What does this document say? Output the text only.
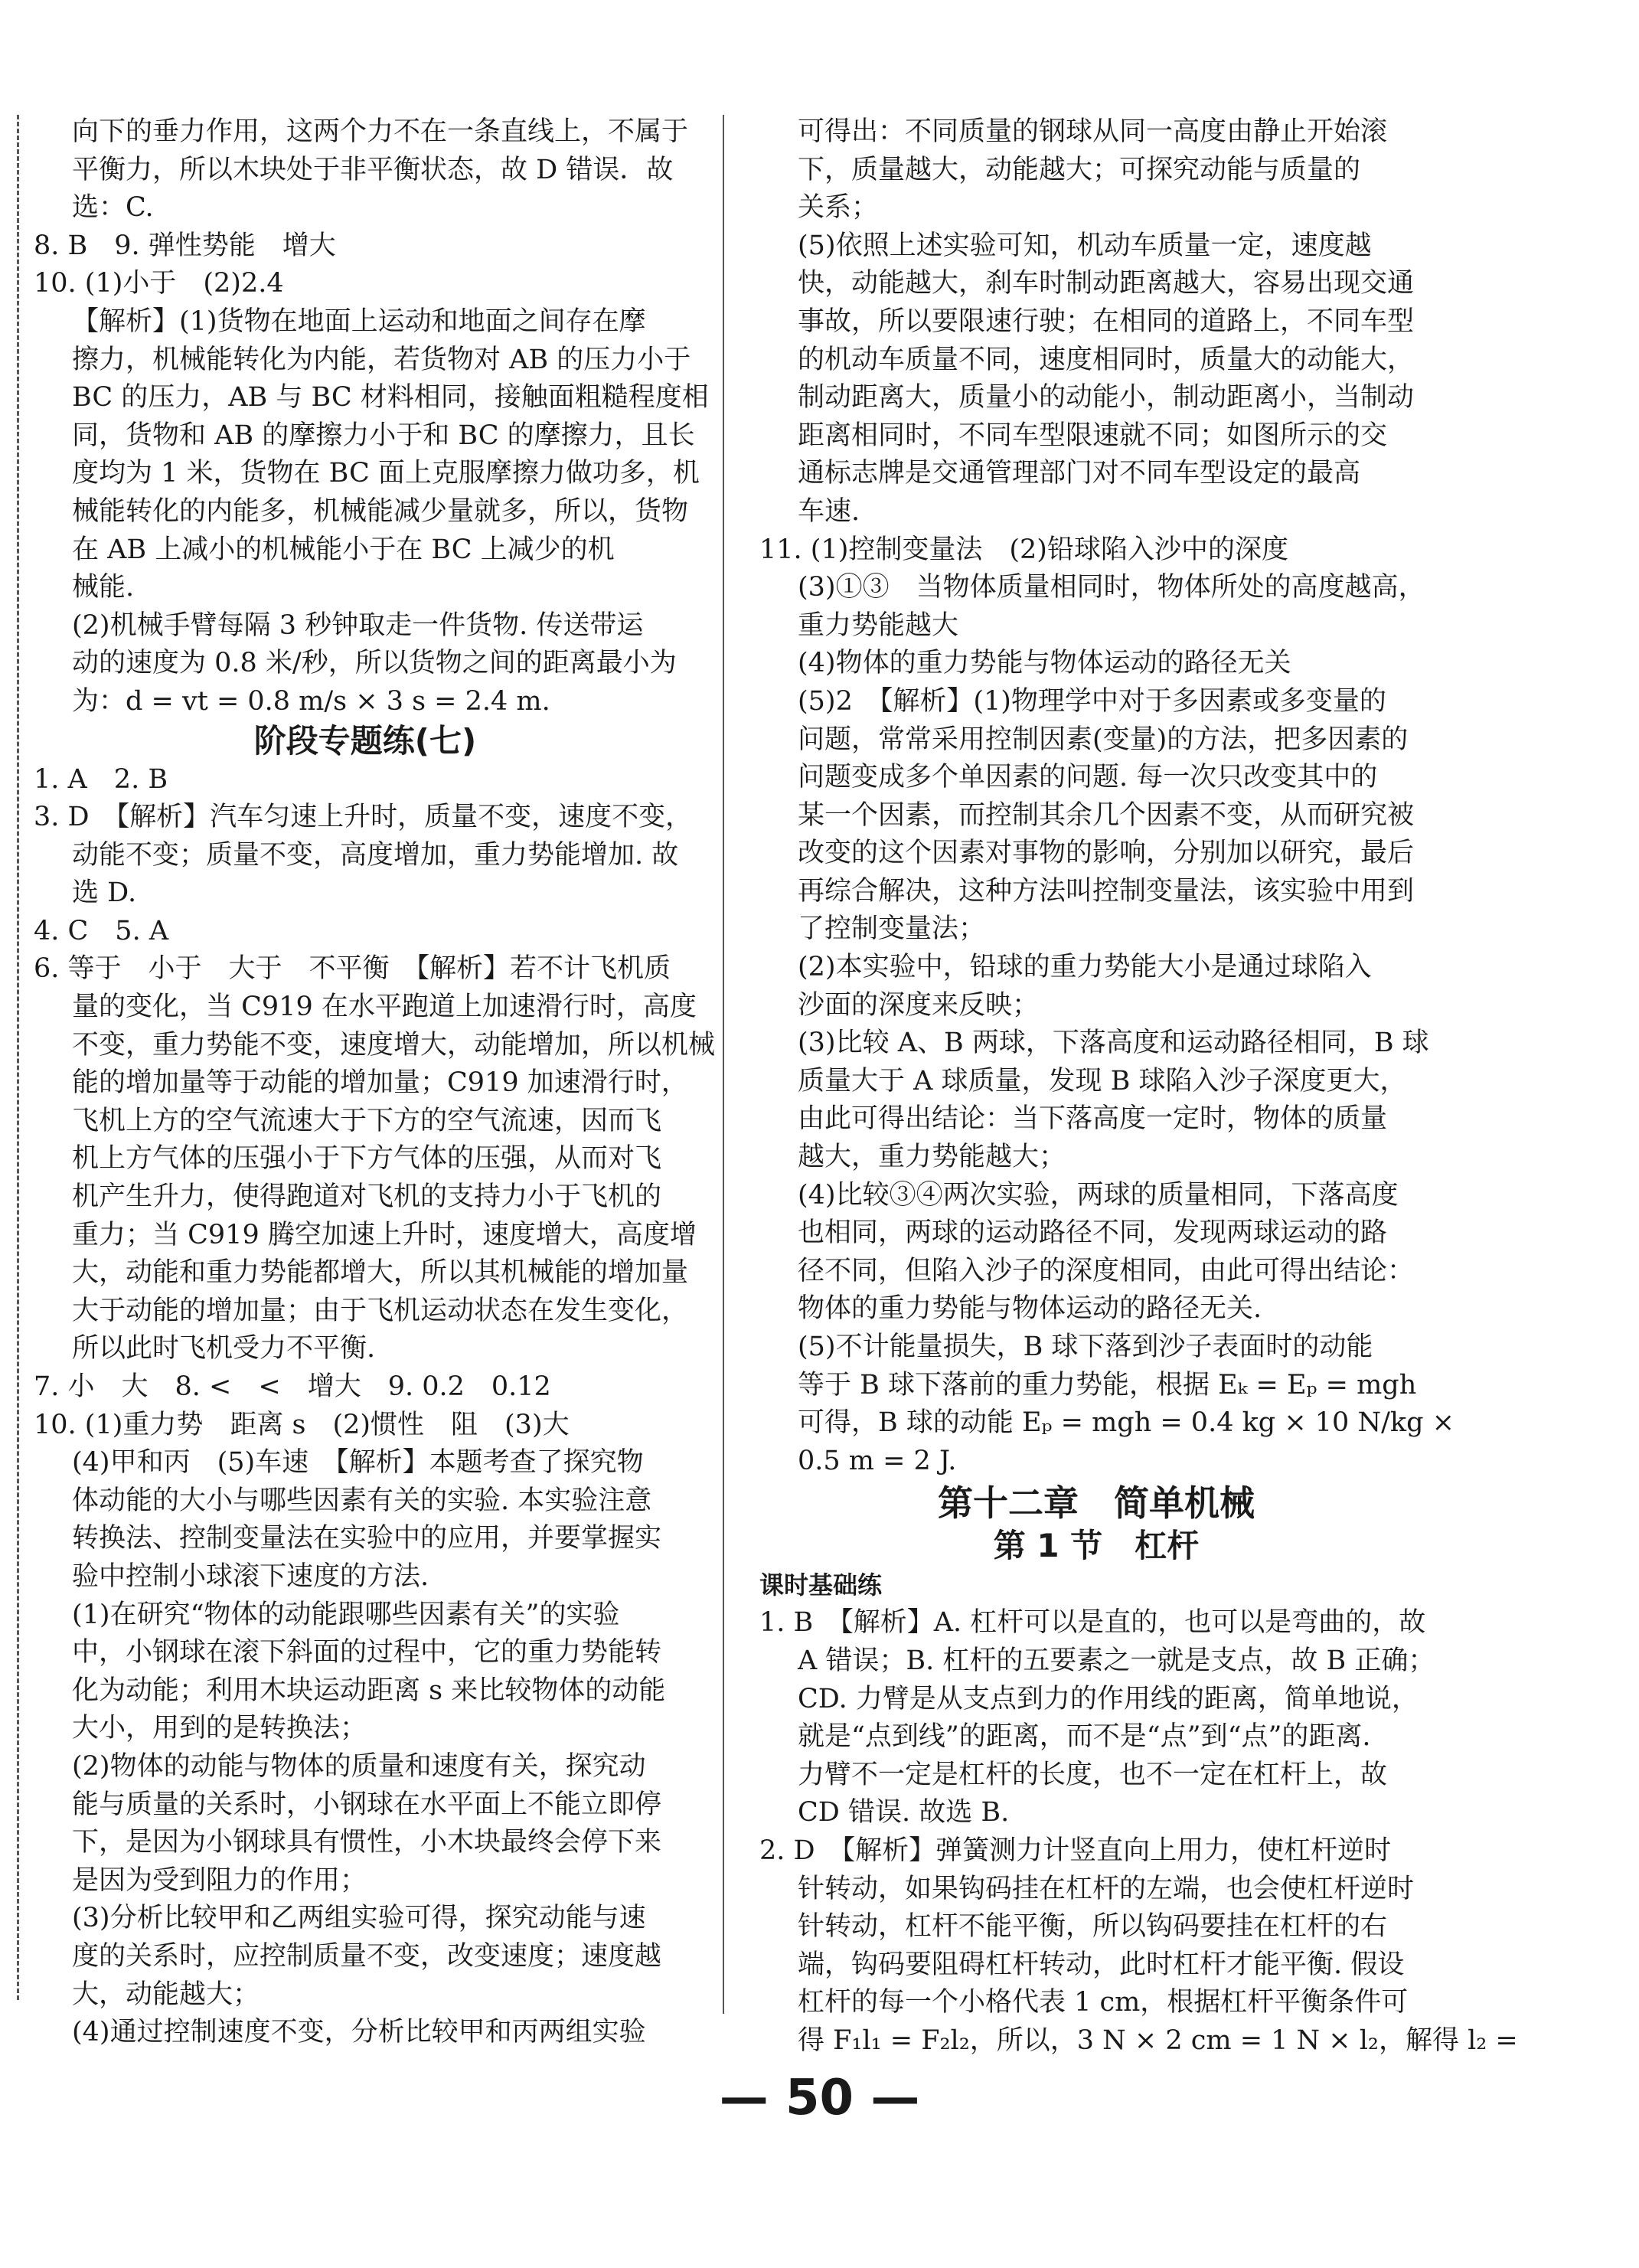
向下的垂力作用，这两个力不在一条直线上，不属于
平衡力，所以木块处于非平衡状态，故 D 错误．故
选：C.
8. B　9. 弹性势能　增大
10. (1)小于　(2)2.4
【解析】(1)货物在地面上运动和地面之间存在摩
擦力，机械能转化为内能，若货物对 AB 的压力小于
BC 的压力，AB 与 BC 材料相同，接触面粗糙程度相
同，货物和 AB 的摩擦力小于和 BC 的摩擦力，且长
度均为 1 米，货物在 BC 面上克服摩擦力做功多，机
械能转化的内能多，机械能减少量就多，所以，货物
在 AB 上减小的机械能小于在 BC 上减少的机
械能.
(2)机械手臂每隔 3 秒钟取走一件货物. 传送带运
动的速度为 0.8 米/秒，所以货物之间的距离最小为
为：d = vt = 0.8 m/s × 3 s = 2.4 m.
阶段专题练(七)
1. A　2. B
3. D　【解析】汽车匀速上升时，质量不变，速度不变，
动能不变；质量不变，高度增加，重力势能增加. 故
选 D.
4. C　5. A
6. 等于　小于　大于　不平衡　【解析】若不计飞机质
量的变化，当 C919 在水平跑道上加速滑行时，高度
不变，重力势能不变，速度增大，动能增加，所以机械
能的增加量等于动能的增加量；C919 加速滑行时，
飞机上方的空气流速大于下方的空气流速，因而飞
机上方气体的压强小于下方气体的压强，从而对飞
机产生升力，使得跑道对飞机的支持力小于飞机的
重力；当 C919 腾空加速上升时，速度增大，高度增
大，动能和重力势能都增大，所以其机械能的增加量
大于动能的增加量；由于飞机运动状态在发生变化，
所以此时飞机受力不平衡.
7. 小　大　8. <　<　增大　9. 0.2　0.12
10. (1)重力势　距离 s　(2)惯性　阻　(3)大
(4)甲和丙　(5)车速　【解析】本题考查了探究物
体动能的大小与哪些因素有关的实验. 本实验注意
转换法、控制变量法在实验中的应用，并要掌握实
验中控制小球滚下速度的方法.
(1)在研究“物体的动能跟哪些因素有关”的实验
中，小钢球在滚下斜面的过程中，它的重力势能转
化为动能；利用木块运动距离 s 来比较物体的动能
大小，用到的是转换法；
(2)物体的动能与物体的质量和速度有关，探究动
能与质量的关系时，小钢球在水平面上不能立即停
下，是因为小钢球具有惯性，小木块最终会停下来
是因为受到阻力的作用；
(3)分析比较甲和乙两组实验可得，探究动能与速
度的关系时，应控制质量不变，改变速度；速度越
大，动能越大；
(4)通过控制速度不变，分析比较甲和丙两组实验
可得出：不同质量的钢球从同一高度由静止开始滚
下，质量越大，动能越大；可探究动能与质量的
关系；
(5)依照上述实验可知，机动车质量一定，速度越
快，动能越大，刹车时制动距离越大，容易出现交通
事故，所以要限速行驶；在相同的道路上，不同车型
的机动车质量不同，速度相同时，质量大的动能大，
制动距离大，质量小的动能小，制动距离小，当制动
距离相同时，不同车型限速就不同；如图所示的交
通标志牌是交通管理部门对不同车型设定的最高
车速.
11. (1)控制变量法　(2)铅球陷入沙中的深度
(3)①③　当物体质量相同时，物体所处的高度越高，
重力势能越大
(4)物体的重力势能与物体运动的路径无关
(5)2　【解析】(1)物理学中对于多因素或多变量的
问题，常常采用控制因素(变量)的方法，把多因素的
问题变成多个单因素的问题. 每一次只改变其中的
某一个因素，而控制其余几个因素不变，从而研究被
改变的这个因素对事物的影响，分别加以研究，最后
再综合解决，这种方法叫控制变量法，该实验中用到
了控制变量法；
(2)本实验中，铅球的重力势能大小是通过球陷入
沙面的深度来反映；
(3)比较 A、B 两球，下落高度和运动路径相同，B 球
质量大于 A 球质量，发现 B 球陷入沙子深度更大，
由此可得出结论：当下落高度一定时，物体的质量
越大，重力势能越大；
(4)比较③④两次实验，两球的质量相同，下落高度
也相同，两球的运动路径不同，发现两球运动的路
径不同，但陷入沙子的深度相同，由此可得出结论：
物体的重力势能与物体运动的路径无关.
(5)不计能量损失，B 球下落到沙子表面时的动能
等于 B 球下落前的重力势能，根据 Eₖ = Eₚ = mgh
可得，B 球的动能 Eₚ = mgh = 0.4 kg × 10 N/kg ×
0.5 m = 2 J.
第十二章　简单机械
第 1 节　杠杆
课时基础练
1. B　【解析】A. 杠杆可以是直的，也可以是弯曲的，故
A 错误；B. 杠杆的五要素之一就是支点，故 B 正确；
CD. 力臂是从支点到力的作用线的距离，简单地说，
就是“点到线”的距离，而不是“点”到“点”的距离.
力臂不一定是杠杆的长度，也不一定在杠杆上，故
CD 错误. 故选 B.
2. D　【解析】弹簧测力计竖直向上用力，使杠杆逆时
针转动，如果钩码挂在杠杆的左端，也会使杠杆逆时
针转动，杠杆不能平衡，所以钩码要挂在杠杆的右
端，钩码要阻碍杠杆转动，此时杠杆才能平衡. 假设
杠杆的每一个小格代表 1 cm，根据杠杆平衡条件可
得 F₁l₁ = F₂l₂，所以，3 N × 2 cm = 1 N × l₂，解得 l₂ =
— 50 —
